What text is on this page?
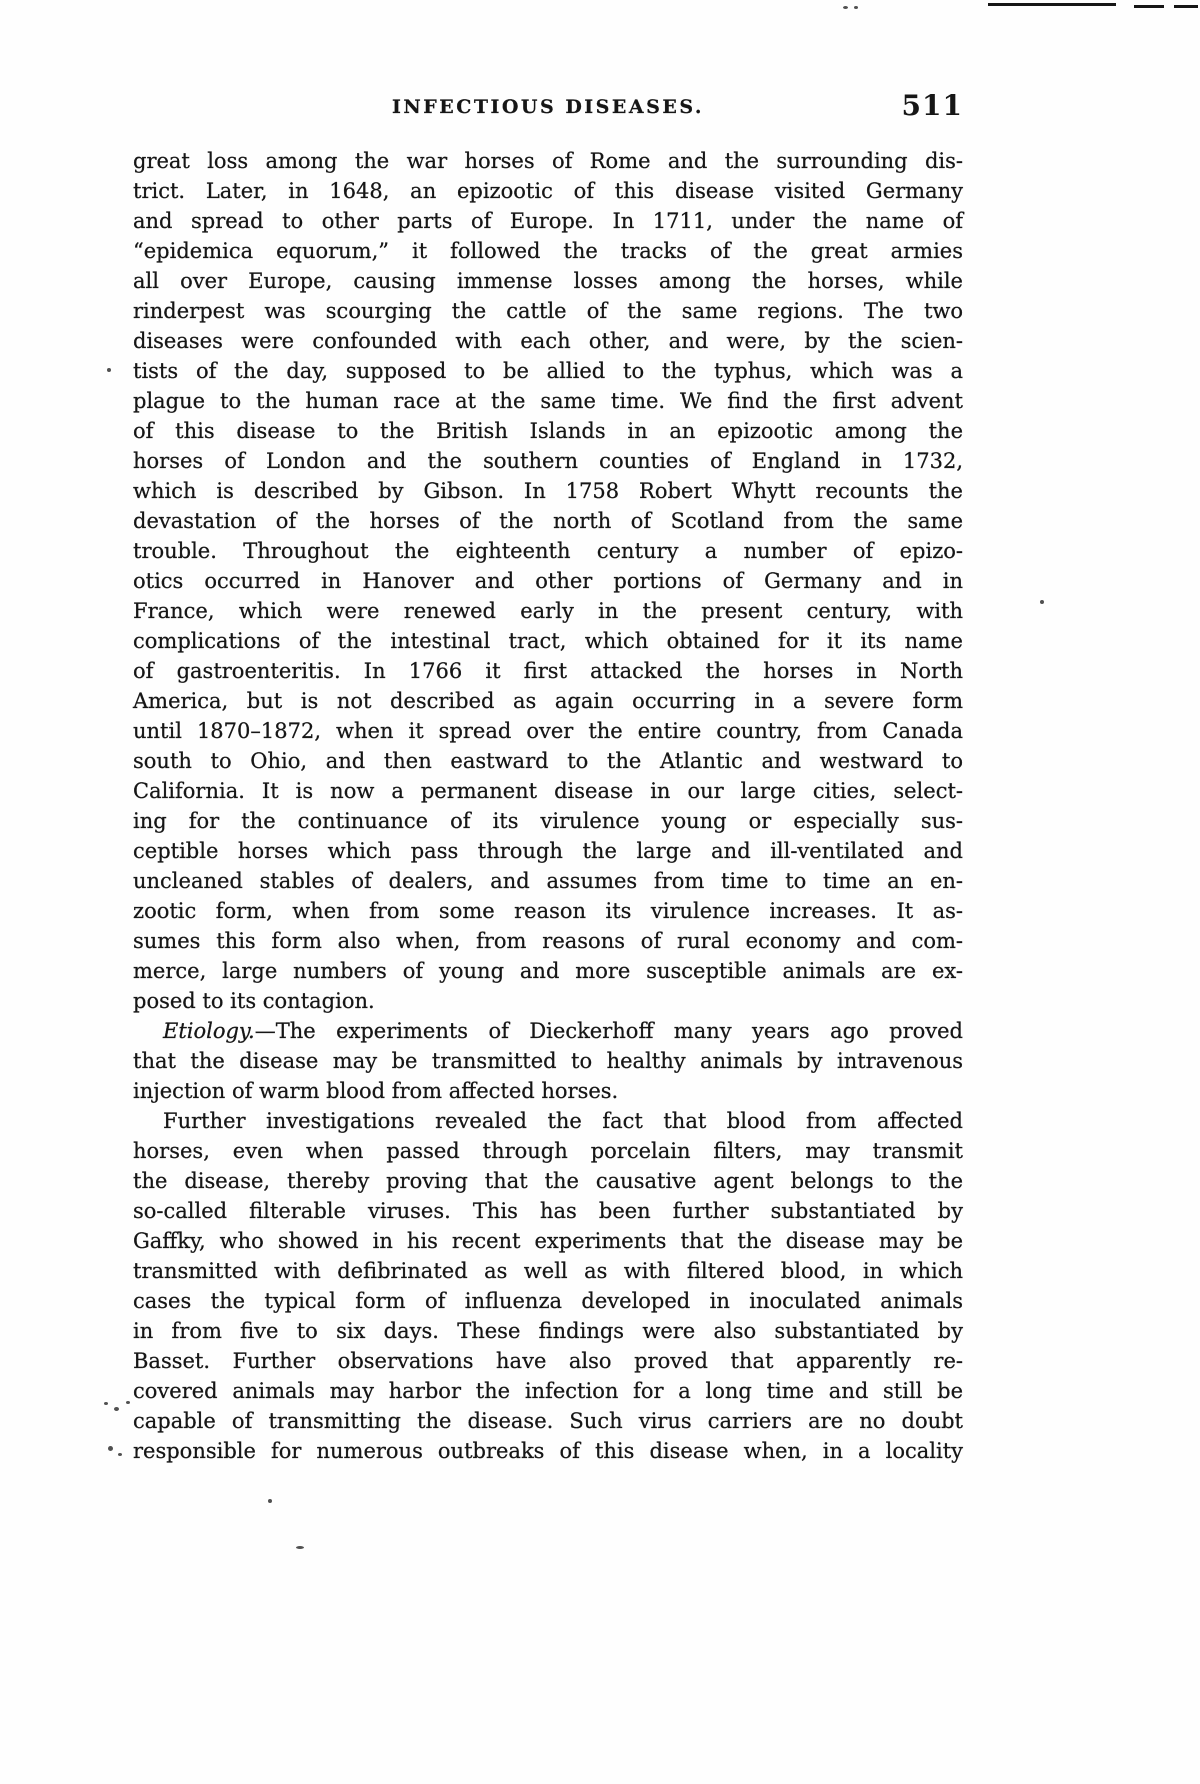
INFECTIOUS DISEASES.	511
great loss among the war horses of Rome and the surrounding dis-
trict. Later, in 1648, an epizootic of this disease visited Germany
and spread to other parts of Europe. In 1711, under the name of
“epidemica equorum,” it followed the tracks of the great armies
all over Europe, causing immense losses among the horses, while
rinderpest was scourging the cattle of the same regions. The two
diseases were confounded with each other, and were, by the scien-
tists of the day, supposed to be allied to the typhus, which was a
plague to the human race at the same time. We find the first advent
of this disease to the British Islands in an epizootic among the
horses of London and the southern counties of England in 1732,
which is described by Gibson. In 1758 Robert Whytt recounts the
devastation of the horses of the north of Scotland from the same
trouble. Throughout the eighteenth century a number of epizo-
otics occurred in Hanover and other portions of Germany and in
France, which were renewed early in the present century, with
complications of the intestinal tract, which obtained for it its name
of gastroenteritis. In 1766 it first attacked the horses in North
America, but is not described as again occurring in a severe form
until 1870–1872, when it spread over the entire country, from Canada
south to Ohio, and then eastward to the Atlantic and westward to
California. It is now a permanent disease in our large cities, select-
ing for the continuance of its virulence young or especially sus-
ceptible horses which pass through the large and ill-ventilated and
uncleaned stables of dealers, and assumes from time to time an en-
zootic form, when from some reason its virulence increases. It as-
sumes this form also when, from reasons of rural economy and com-
merce, large numbers of young and more susceptible animals are ex-
posed to its contagion.
Etiology.—The experiments of Dieckerhoff many years ago proved
that the disease may be transmitted to healthy animals by intravenous
injection of warm blood from affected horses.
Further investigations revealed the fact that blood from affected
horses, even when passed through porcelain filters, may transmit
the disease, thereby proving that the causative agent belongs to the
so-called filterable viruses. This has been further substantiated by
Gaffky, who showed in his recent experiments that the disease may be
transmitted with defibrinated as well as with filtered blood, in which
cases the typical form of influenza developed in inoculated animals
in from five to six days. These findings were also substantiated by
Basset. Further observations have also proved that apparently re-
covered animals may harbor the infection for a long time and still be
capable of transmitting the disease. Such virus carriers are no doubt
responsible for numerous outbreaks of this disease when, in a locality
